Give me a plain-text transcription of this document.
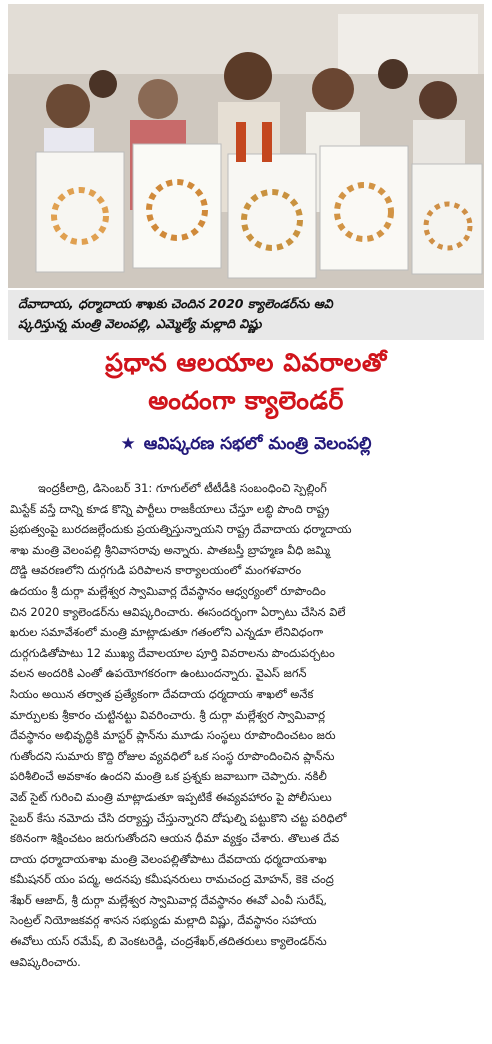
దేవాదాయ, ధర్మాదాయ శాఖకు చెందిన 2020 క్యాలెండర్‌ను ఆవి
ష్కరిస్తున్న మంత్రి వెలంపల్లి, ఎమ్మెల్యే మల్లాది విష్ణు
ప్రధాన ఆలయాల వివరాలతో
అందంగా క్యాలెండర్
★ ఆవిష్కరణ సభలో మంత్రి వెలంపల్లి
ఇంద్రకీలాద్రి, డిసెంబర్ 31: గూగుల్‌లో టీటీడీకి సంబంధించి స్పెల్లింగ్
మిస్టేక్ వస్తే దాన్ని కూడ కొన్ని పార్టీలు రాజకీయాలు చేస్తూ లబ్ధి పొంది రాష్ట్ర
ప్రభుత్వంపై బురదజల్లేందుకు ప్రయత్నిస్తున్నాయని రాష్ట్ర దేవాదాయ ధర్మాదాయ
శాఖ మంత్రి వెలంపల్లి శ్రీనివాసరావు అన్నారు. పాతబస్తీ బ్రాహ్మణ వీధి జమ్మి
దొడ్డి ఆవరణలోని దుర్గగుడి పరిపాలన కార్యాలయంలో మంగళవారం
ఉదయం శ్రీ దుర్గా మల్లేశ్వర స్వామివార్ల దేవస్థానం ఆధ్వర్యంలో రూపొందిం
చిన 2020 క్యాలెండర్‌ను ఆవిష్కరించారు. ఈసందర్భంగా ఏర్పాటు చేసిన విలే
ఖరుల సమావేశంలో మంత్రి మాట్లాడుతూ గతంలోని ఎన్నడూ లేనివిధంగా
దుర్గగుడితోపాటు 12 ముఖ్య దేవాలయాల పూర్తి వివరాలను పొందుపర్చటం
వలన అందరికి ఎంతో ఉపయోగకరంగా ఉంటుందన్నారు. వైఎస్ జగన్
సియం అయిన తర్వాత ప్రత్యేకంగా దేవదాయ ధర్మదాయ శాఖలో అనేక
మార్పులకు శ్రీకారం చుట్టినట్టు వివరించారు. శ్రీ దుర్గా మల్లేశ్వర స్వామివార్ల
దేవస్థానం అభివృద్ధికి మాస్టర్ ప్లాన్‌ను మూడు సంస్థలు రూపొందించటం జరు
గుతోందని సుమారు కొద్ది రోజుల వ్యవధిలో ఒక సంస్థ రూపొందించిన ప్లాన్‌ను
పరిశీలించే అవకాశం ఉందని మంత్రి ఒక ప్రశ్నకు జవాబుగా చెప్పారు. నకిలీ
వెబ్ సైట్ గురించి మంత్రి మాట్లాడుతూ ఇప్పటికే ఈవ్యవహారం పై పోలీసులు
సైబర్ కేసు నమోదు చేసి దర్యాప్తు చేస్తున్నారని దోషుల్ని పట్టుకొని చట్ట పరిధిలో
కఠినంగా శిక్షించటం జరుగుతోందని ఆయన ధీమా వ్యక్తం చేశారు. తొలుత దేవ
దాయ ధర్మాదాయశాఖ మంత్రి వెలంపల్లితోపాటు దేవదాయ ధర్మదాయశాఖ
కమీషనర్ యం పద్మ, అదనపు కమీషనరులు రామచంద్ర మోహన్, కెకె చంద్ర
శేఖర్ ఆజాద్, శ్రీ దుర్గా మల్లేశ్వర స్వామివార్ల దేవస్థానం ఈవో ఎంవీ సురేష్,
సెంట్రల్ నియోజకవర్గ శాసన సభ్యుడు మల్లాది విష్ణు, దేవస్థానం సహాయ
ఈవోలు యస్ రమేష్, బి వెంకటరెడ్డి, చంద్రశేఖర్,తదితరులు క్యాలెండర్‌ను
ఆవిష్కరించారు.
